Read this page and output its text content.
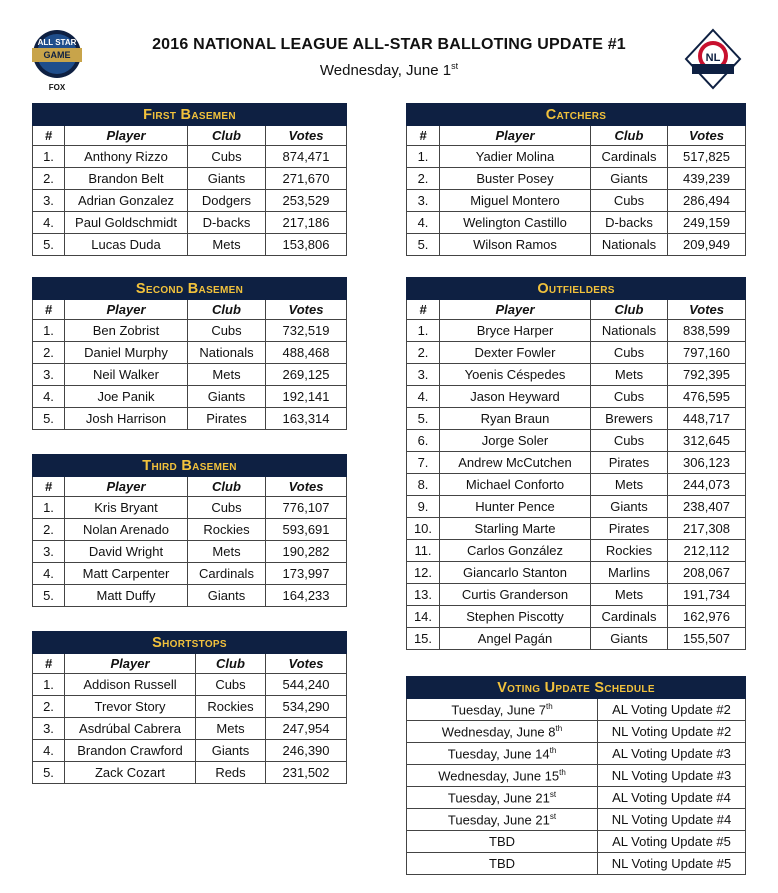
ALL STAR
GAME
FOX
2016 NATIONAL LEAGUE ALL-STAR BALLOTING UPDATE #1
Wednesday, June 1st
NL
First Basemen			
#	Player	Club	Votes
1.	Anthony Rizzo	Cubs	874,471
2.	Brandon Belt	Giants	271,670
3.	Adrian Gonzalez	Dodgers	253,529
4.	Paul Goldschmidt	D-backs	217,186
5.	Lucas Duda	Mets	153,806
Second Basemen			
#	Player	Club	Votes
1.	Ben Zobrist	Cubs	732,519
2.	Daniel Murphy	Nationals	488,468
3.	Neil Walker	Mets	269,125
4.	Joe Panik	Giants	192,141
5.	Josh Harrison	Pirates	163,314
Third Basemen			
#	Player	Club	Votes
1.	Kris Bryant	Cubs	776,107
2.	Nolan Arenado	Rockies	593,691
3.	David Wright	Mets	190,282
4.	Matt Carpenter	Cardinals	173,997
5.	Matt Duffy	Giants	164,233
Shortstops			
#	Player	Club	Votes
1.	Addison Russell	Cubs	544,240
2.	Trevor Story	Rockies	534,290
3.	Asdrúbal Cabrera	Mets	247,954
4.	Brandon Crawford	Giants	246,390
5.	Zack Cozart	Reds	231,502
Catchers			
#	Player	Club	Votes
1.	Yadier Molina	Cardinals	517,825
2.	Buster Posey	Giants	439,239
3.	Miguel Montero	Cubs	286,494
4.	Welington Castillo	D-backs	249,159
5.	Wilson Ramos	Nationals	209,949
Outfielders			
#	Player	Club	Votes
1.	Bryce Harper	Nationals	838,599
2.	Dexter Fowler	Cubs	797,160
3.	Yoenis Céspedes	Mets	792,395
4.	Jason Heyward	Cubs	476,595
5.	Ryan Braun	Brewers	448,717
6.	Jorge Soler	Cubs	312,645
7.	Andrew McCutchen	Pirates	306,123
8.	Michael Conforto	Mets	244,073
9.	Hunter Pence	Giants	238,407
10.	Starling Marte	Pirates	217,308
11.	Carlos González	Rockies	212,112
12.	Giancarlo Stanton	Marlins	208,067
13.	Curtis Granderson	Mets	191,734
14.	Stephen Piscotty	Cardinals	162,976
15.	Angel Pagán	Giants	155,507
Voting Update Schedule	
Tuesday, June 7th	AL Voting Update #2
Wednesday, June 8th	NL Voting Update #2
Tuesday, June 14th	AL Voting Update #3
Wednesday, June 15th	NL Voting Update #3
Tuesday, June 21st	AL Voting Update #4
Tuesday, June 21st	NL Voting Update #4
TBD	AL Voting Update #5
TBD	NL Voting Update #5
